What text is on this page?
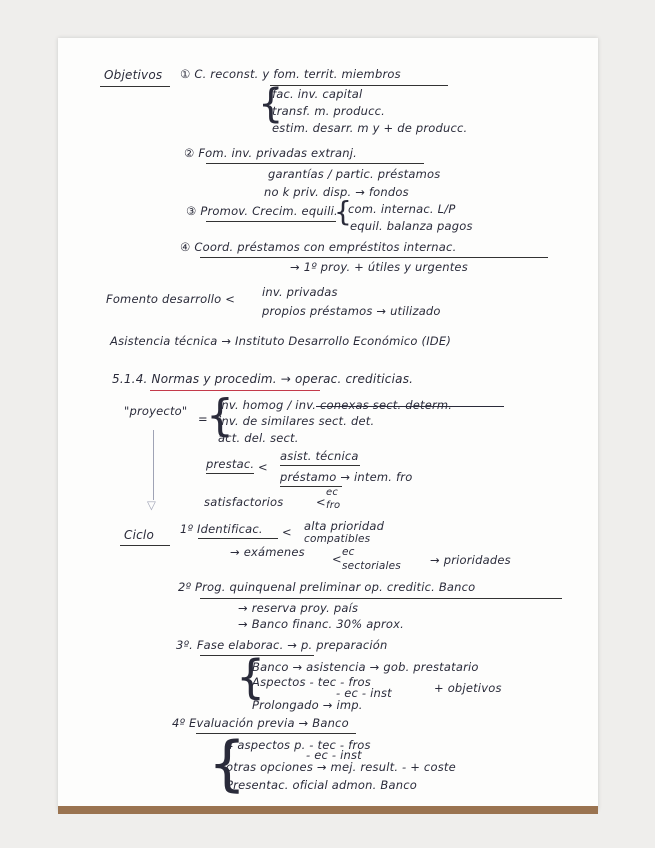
Objetivos ① C. reconst. y fom. territ. miembros
{
fac. inv. capital
transf. m. producc.
estim. desarr. m y + de producc.
② Fom. inv. privadas extranj.
garantías / partic. préstamos
no k priv. disp. → fondos
③ Promov. Crecim. equili.
{
com. internac. L/P
equil. balanza pagos
④ Coord. préstamos con empréstitos internac.
→ 1º proy. + útiles y urgentes
Fomento desarrollo < inv. privadas
propios préstamos → utilizado
Asistencia técnica → Instituto Desarrollo Económico (IDE)
5.1.4. Normas y procedim. → operac. crediticias.
"proyecto"
=
{
inv. homog / inv. conexas sect. determ.
inv. de similares sect. det.
act. del. sect.
▽
prestac. <
asist. técnica
préstamo → intem. fro
satisfactorios	<
ec
fro
Ciclo 1º Identificac. < alta prioridad
compatibles
→ exámenes < ec
sectoriales	→ prioridades
2º Prog. quinquenal preliminar op. creditic. Banco
→ reserva proy. país
→ Banco financ. 30% aprox.
3º. Fase elaborac. → p. preparación
{
Banco → asistencia → gob. prestatario
Aspectos - tec - fros
- ec - inst	+ objetivos
Prolongado → imp.
4º Evaluación previa → Banco
{
4 aspectos p. - tec - fros
- ec - inst
otras opciones → mej. result. - + coste
Presentac. oficial admon. Banco
